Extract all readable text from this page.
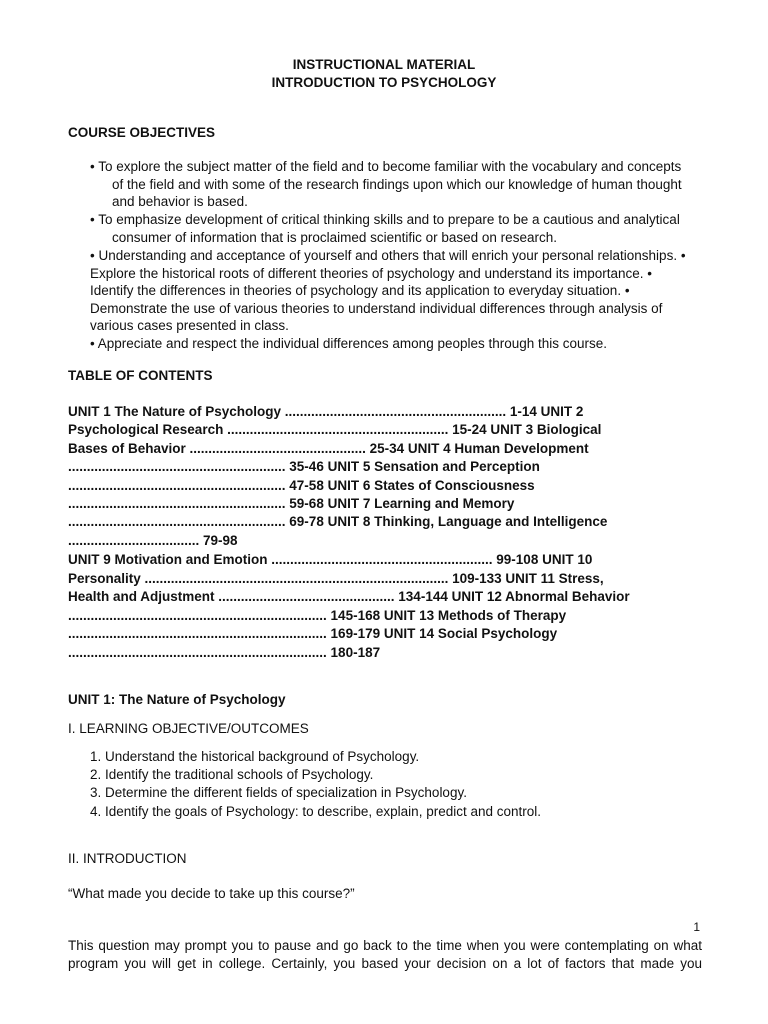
INSTRUCTIONAL MATERIAL
INTRODUCTION TO PSYCHOLOGY
COURSE OBJECTIVES
• To explore the subject matter of the field and to become familiar with the vocabulary and concepts
of the field and with some of the research findings upon which our knowledge of human thought
and behavior is based.
• To emphasize development of critical thinking skills and to prepare to be a cautious and analytical
consumer of information that is proclaimed scientific or based on research.
• Understanding and acceptance of yourself and others that will enrich your personal relationships. •
Explore the historical roots of different theories of psychology and understand its importance. •
Identify the differences in theories of psychology and its application to everyday situation. •
Demonstrate the use of various theories to understand individual differences through analysis of
various cases presented in class.
• Appreciate and respect the individual differences among peoples through this course.
TABLE OF CONTENTS
UNIT 1 The Nature of Psychology ........................................................... 1-14 UNIT 2
Psychological Research ........................................................... 15-24 UNIT 3 Biological
Bases of Behavior ............................................... 25-34 UNIT 4 Human Development
.......................................................... 35-46 UNIT 5 Sensation and Perception
.......................................................... 47-58 UNIT 6 States of Consciousness
.......................................................... 59-68 UNIT 7 Learning and Memory
.......................................................... 69-78 UNIT 8 Thinking, Language and Intelligence
................................... 79-98
UNIT 9 Motivation and Emotion ........................................................... 99-108 UNIT 10
Personality ................................................................................. 109-133 UNIT 11 Stress,
Health and Adjustment ............................................... 134-144 UNIT 12 Abnormal Behavior
..................................................................... 145-168 UNIT 13 Methods of Therapy
..................................................................... 169-179 UNIT 14 Social Psychology
..................................................................... 180-187
UNIT 1: The Nature of Psychology
I. LEARNING OBJECTIVE/OUTCOMES
1. Understand the historical background of Psychology.
2. Identify the traditional schools of Psychology.
3. Determine the different fields of specialization in Psychology.
4. Identify the goals of Psychology: to describe, explain, predict and control.
II. INTRODUCTION
“What made you decide to take up this course?”
1
This question may prompt you to pause and go back to the time when you were contemplating on what
program you will get in college. Certainly, you based your decision on a lot of factors that made you
